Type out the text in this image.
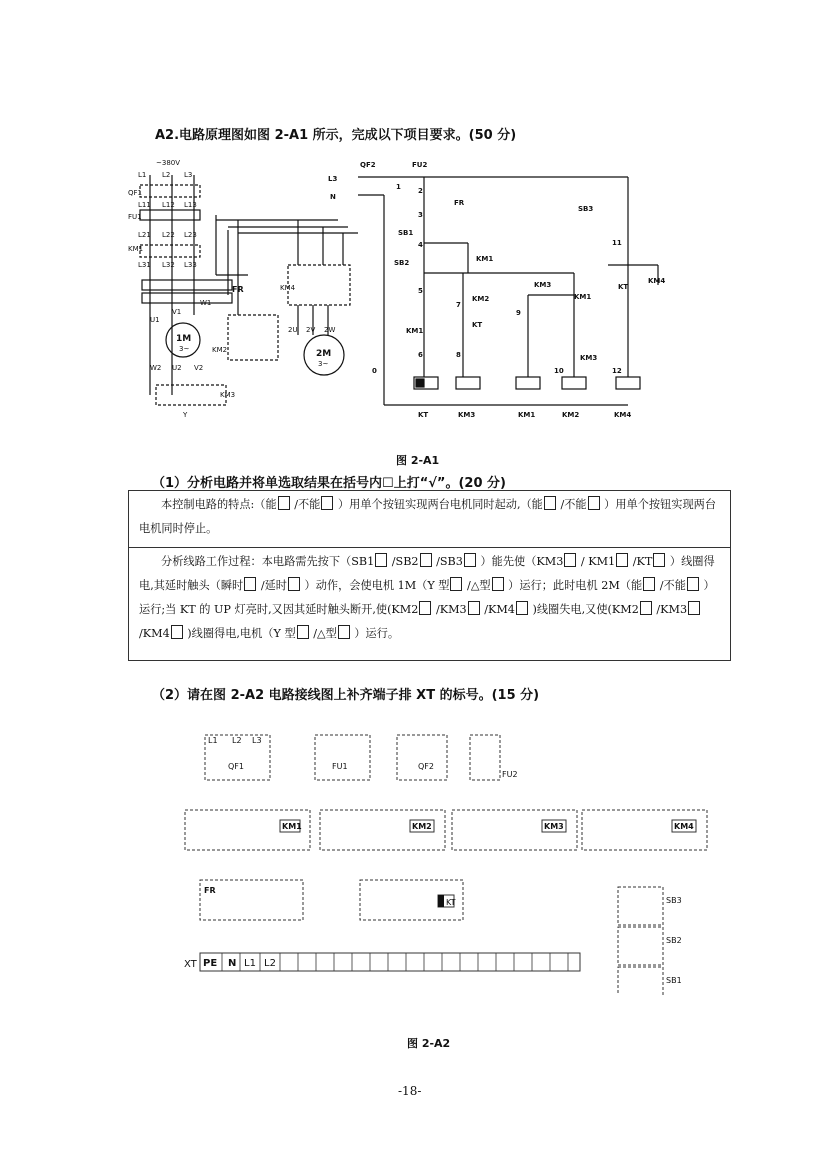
A2.电路原理图如图 2-A1 所示，完成以下项目要求。(50 分)
~380V
L1 L2 L3
QF1
L11 L12 L13
FU1
L21 L22 L23
KM1
L31 L32 L33
FR
V1
W1
U1
1M
3~	KM2
W2 U2 V2
KM3
Y
KM4
2U 2V 2W
2M
3~
QF2	FU2
L3
N
1 2
FR
3
SB1
4
SB2	KM1
5
7
KM2
KT
KM1
6	8
0
KM3
KM1
9
10
KM3
SB3
11
KT
KM4
12
KT	KM3	KM1	KM2	KM4
图 2-A1
（1）分析电路并将单选取结果在括号内☐上打“√”。(20 分)

本控制电路的特点:（能 /不能 ）用单个按钮实现两台电机同时起动,（能 /不能 ）用单个按钮实现两台电机同时停止。

分析线路工作过程：本电路需先按下（SB1 /SB2 /SB3 ）能先使（KM3 / KM1 /KT ）线圈得电,其延时触头（瞬时 /延时 ）动作，会使电机 1M（Y 型 /△型 ）运行；此时电机 2M（能 /不能 ）运行;当 KT 的 UP 灯亮时,又因其延时触头断开,使(KM2 /KM3 /KM4 )线圈失电,又使(KM2 /KM3 /KM4 )线圈得电,电机（Y 型 /△型 ）运行。

（2）请在图 2-A2 电路接线图上补齐端子排 XT 的标号。(15 分)
L1 L2 L3
QF1	FU1	QF2
FU2
KM1	KM2	KM3	KM4
FR
KT	SB3
SB2
SB1
XT PE N L1 L2
图 2-A2
-18-
